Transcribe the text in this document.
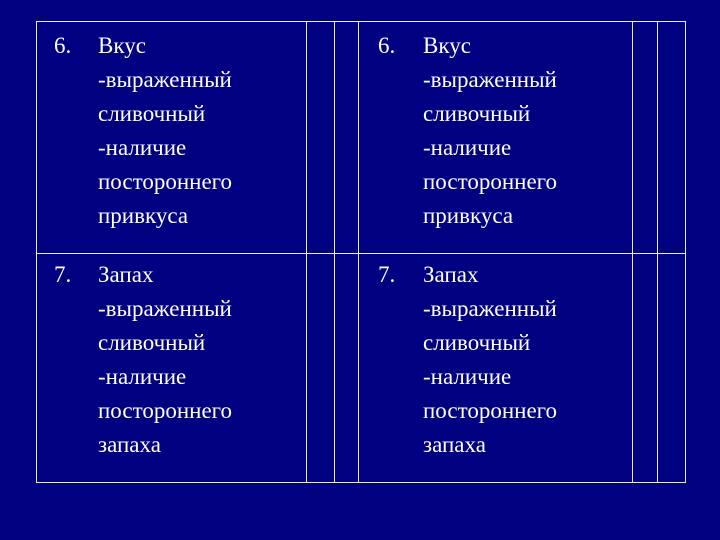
6. Вкус
-выраженный
сливочный
-наличие
постороннего
привкуса
6. Вкус
-выраженный
сливочный
-наличие
постороннего
привкуса
7. Запах
-выраженный
сливочный
-наличие
постороннего
запаха
7. Запах
-выраженный
сливочный
-наличие
постороннего
запаха
